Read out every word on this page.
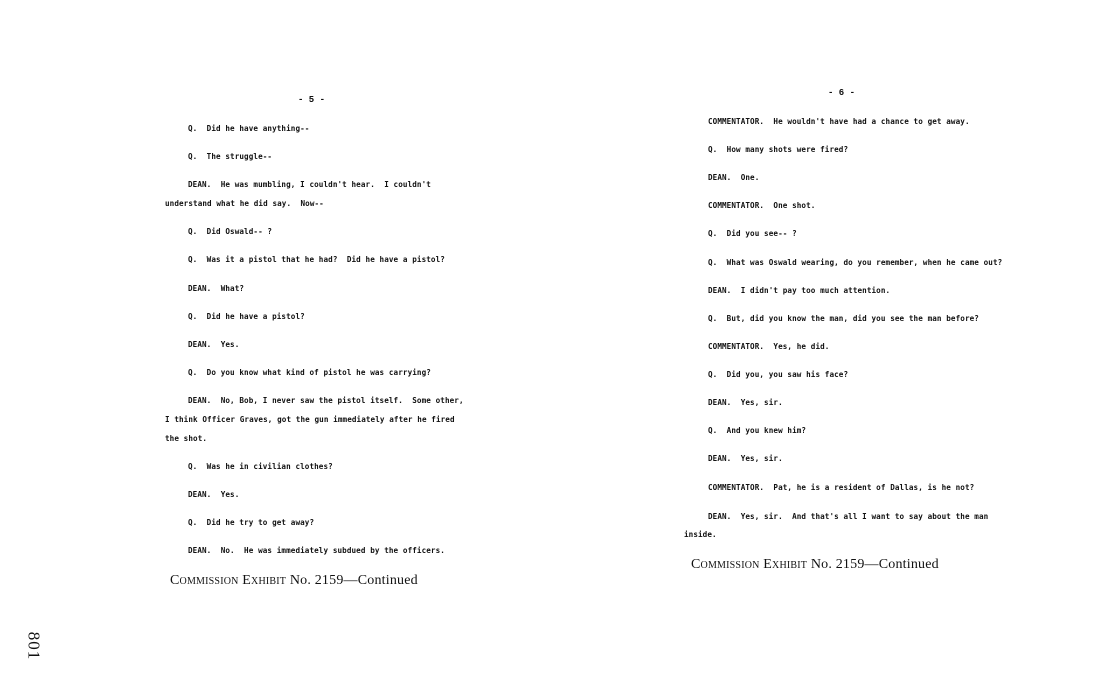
- 5 -
Q.  Did he have anything--
Q.  The struggle--
DEAN.  He was mumbling, I couldn't hear.  I couldn't
understand what he did say.  Now--
Q.  Did Oswald-- ?
Q.  Was it a pistol that he had?  Did he have a pistol?
DEAN.  What?
Q.  Did he have a pistol?
DEAN.  Yes.
Q.  Do you know what kind of pistol he was carrying?
DEAN.  No, Bob, I never saw the pistol itself.  Some other,
I think Officer Graves, got the gun immediately after he fired
the shot.
Q.  Was he in civilian clothes?
DEAN.  Yes.
Q.  Did he try to get away?
DEAN.  No.  He was immediately subdued by the officers.
Commission Exhibit No. 2159—Continued
- 6 -
COMMENTATOR.  He wouldn't have had a chance to get away.
Q.  How many shots were fired?
DEAN.  One.
COMMENTATOR.  One shot.
Q.  Did you see-- ?
Q.  What was Oswald wearing, do you remember, when he came out?
DEAN.  I didn't pay too much attention.
Q.  But, did you know the man, did you see the man before?
COMMENTATOR.  Yes, he did.
Q.  Did you, you saw his face?
DEAN.  Yes, sir.
Q.  And you knew him?
DEAN.  Yes, sir.
COMMENTATOR.  Pat, he is a resident of Dallas, is he not?
DEAN.  Yes, sir.  And that's all I want to say about the man
inside.
Commission Exhibit No. 2159—Continued
801
